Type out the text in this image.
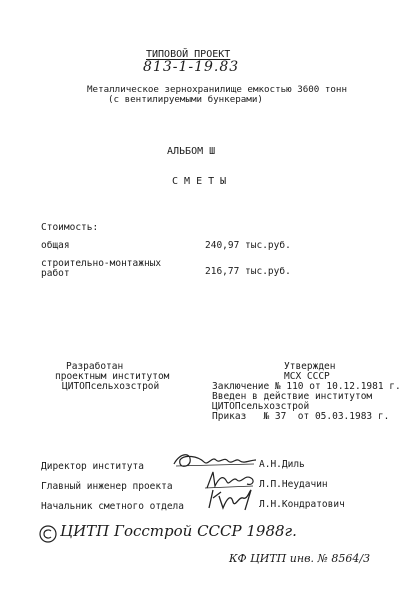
ТИПОВОЙ ПРОЕКТ
813-1-19.83
Металлическое зернохранилище емкостью 3600 тонн
(с вентилируемыми бункерами)
АЛЬБОМ Ш
С М Е Т Ы
Стоимость:
общая	240,97 тыс.руб.
строительно-монтажных
работ	216,77 тыс.руб.
Разработан
проектным институтом
ЦИТОПсельхозстрой
Утвержден
МСХ СССР
Заключение № 110 от 10.12.1981 г.
Введен в действие институтом
ЦИТОПсельхозстрой
Приказ   № 37  от 05.03.1983 г.
Директор института	А.Н.Диль
Главный инженер проекта	Л.П.Неудачин
Начальник сметного отдела	Л.Н.Кондратович
ЦИТП Госстрой СССР 1988г.
КФ ЦИТП инв. № 8564/3
